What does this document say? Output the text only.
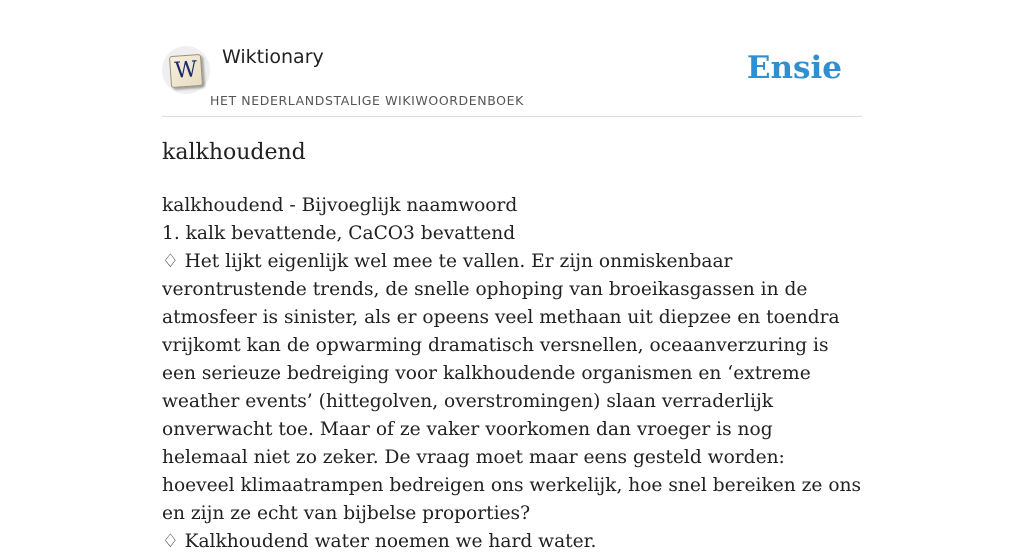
W
Wiktionary
HET NEDERLANDSTALIGE WIKIWOORDENBOEK
Ensie
kalkhoudend

kalkhoudend - Bijvoeglijk naamwoord

1. kalk bevattende, CaCO3 bevattend

♢ Het lijkt eigenlijk wel mee te vallen. Er zijn onmiskenbaar verontrustende trends, de snelle ophoping van broeikasgassen in de atmosfeer is sinister, als er opeens veel methaan uit diepzee en toendra vrijkomt kan de opwarming dramatisch versnellen, oceaanverzuring is een serieuze bedreiging voor kalkhoudende organismen en ‘extreme weather events’ (hittegolven, overstromingen) slaan verraderlijk onverwacht toe. Maar of ze vaker voorkomen dan vroeger is nog helemaal niet zo zeker. De vraag moet maar eens gesteld worden: hoeveel klimaatrampen bedreigen ons werkelijk, hoe snel bereiken ze ons en zijn ze echt van bijbelse proporties?

♢ Kalkhoudend water noemen we hard water.
